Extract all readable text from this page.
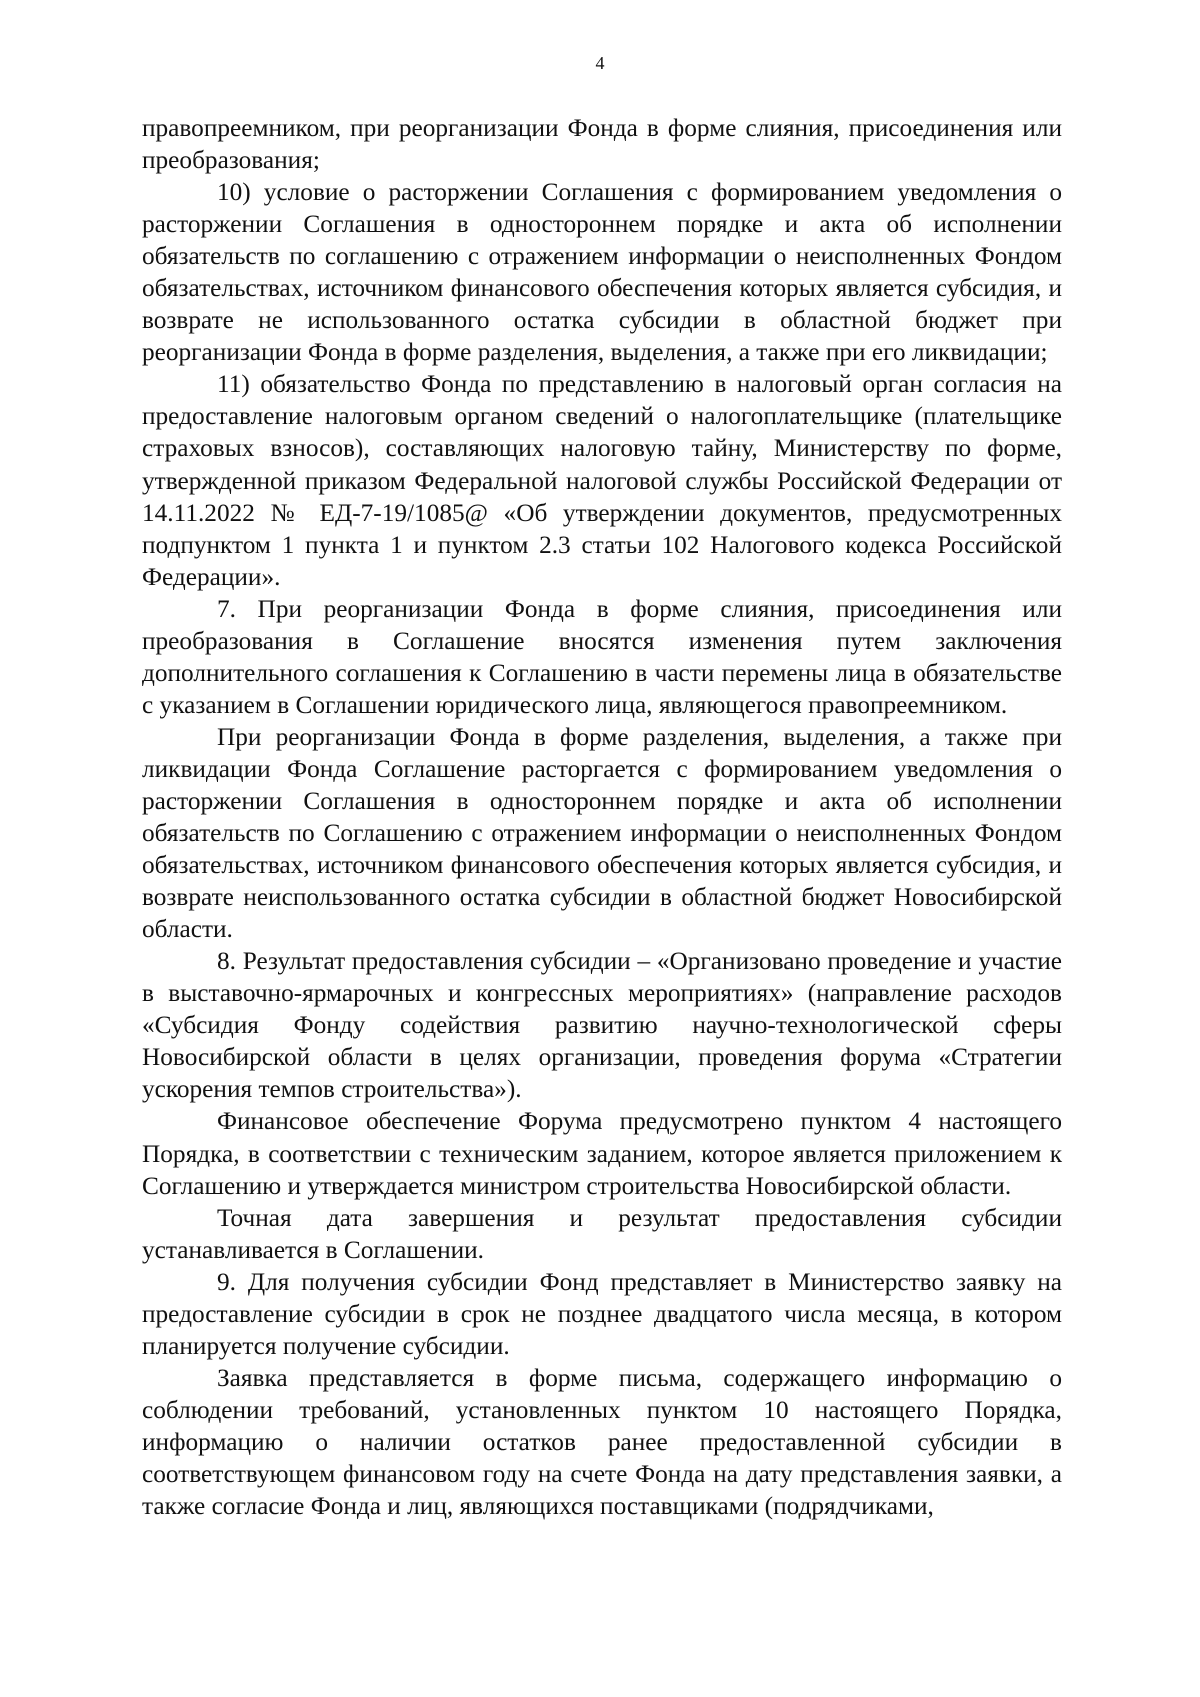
4

правопреемником, при реорганизации Фонда в форме слияния, присоединения или преобразования;

10) условие о расторжении Соглашения с формированием уведомления о расторжении Соглашения в одностороннем порядке и акта об исполнении обязательств по соглашению с отражением информации о неисполненных Фондом обязательствах, источником финансового обеспечения которых является субсидия, и возврате не использованного остатка субсидии в областной бюджет при реорганизации Фонда в форме разделения, выделения, а также при его ликвидации;

11) обязательство Фонда по представлению в налоговый орган согласия на предоставление налоговым органом сведений о налогоплательщике (плательщике страховых взносов), составляющих налоговую тайну, Министерству по форме, утвержденной приказом Федеральной налоговой службы Российской Федерации от 14.11.2022 № ЕД-7-19/1085@ «Об утверждении документов, предусмотренных подпунктом 1 пункта 1 и пунктом 2.3 статьи 102 Налогового кодекса Российской Федерации».

7. При реорганизации Фонда в форме слияния, присоединения или преобразования в Соглашение вносятся изменения путем заключения дополнительного соглашения к Соглашению в части перемены лица в обязательстве с указанием в Соглашении юридического лица, являющегося правопреемником.

При реорганизации Фонда в форме разделения, выделения, а также при ликвидации Фонда Соглашение расторгается с формированием уведомления о расторжении Соглашения в одностороннем порядке и акта об исполнении обязательств по Соглашению с отражением информации о неисполненных Фондом обязательствах, источником финансового обеспечения которых является субсидия, и возврате неиспользованного остатка субсидии в областной бюджет Новосибирской области.

8. Результат предоставления субсидии – «Организовано проведение и участие в выставочно-ярмарочных и конгрессных мероприятиях» (направление расходов «Субсидия Фонду содействия развитию научно-технологической сферы Новосибирской области в целях организации, проведения форума «Стратегии ускорения темпов строительства»).

Финансовое обеспечение Форума предусмотрено пунктом 4 настоящего Порядка, в соответствии с техническим заданием, которое является приложением к Соглашению и утверждается министром строительства Новосибирской области.

Точная дата завершения и результат предоставления субсидии устанавливается в Соглашении.

9. Для получения субсидии Фонд представляет в Министерство заявку на предоставление субсидии в срок не позднее двадцатого числа месяца, в котором планируется получение субсидии.

Заявка представляется в форме письма, содержащего информацию о соблюдении требований, установленных пунктом 10 настоящего Порядка, информацию о наличии остатков ранее предоставленной субсидии в соответствующем финансовом году на счете Фонда на дату представления заявки, а также согласие Фонда и лиц, являющихся поставщиками (подрядчиками,
